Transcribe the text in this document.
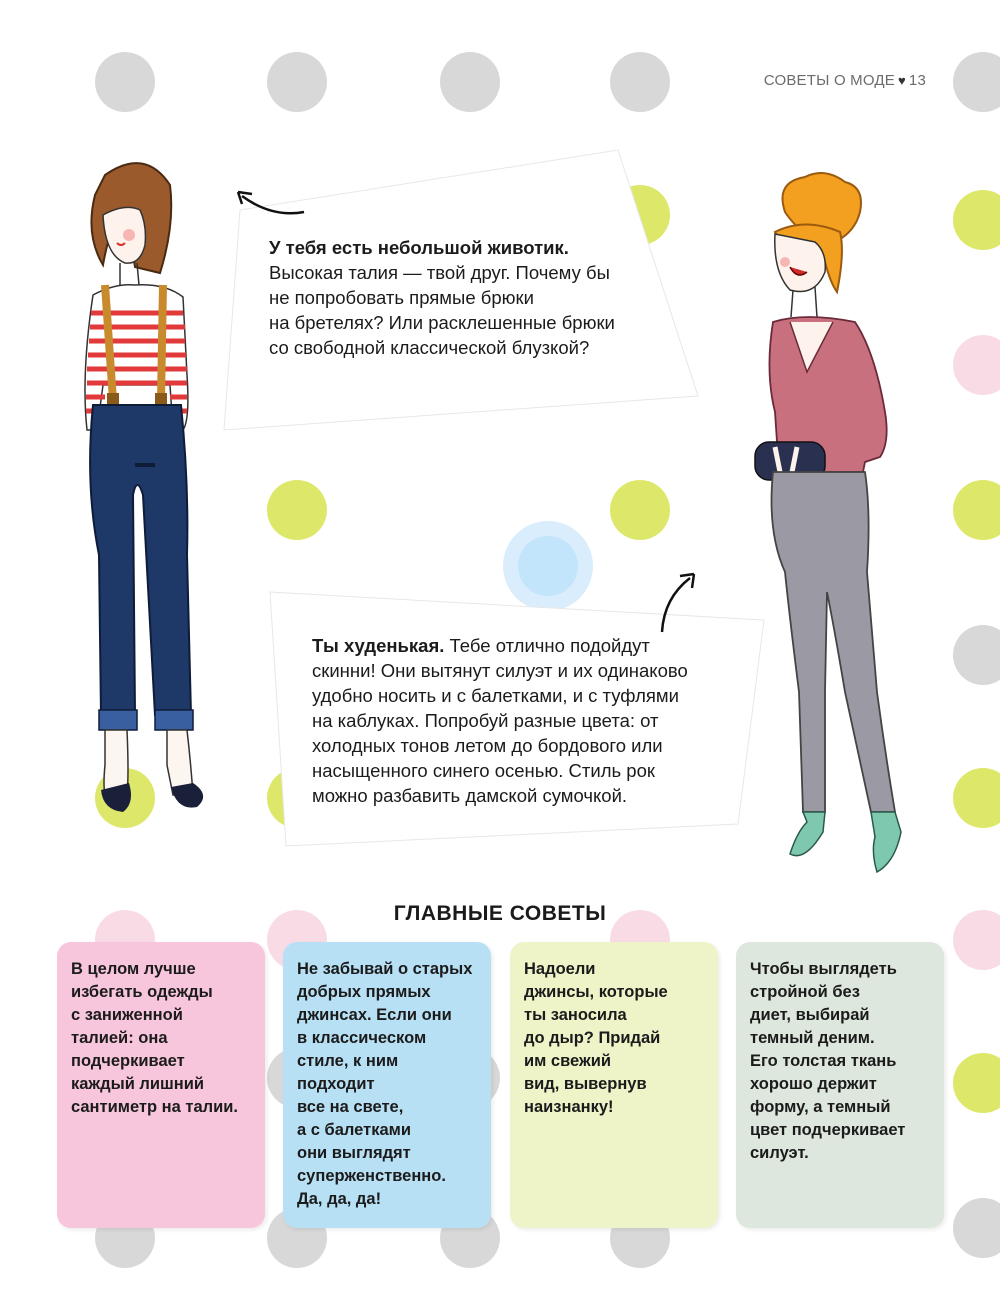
СОВЕТЫ О МОДЕ ♥ 13
У тебя есть небольшой животик.
Высокая талия — твой друг. Почему бы
не попробовать прямые брюки
на бретелях? Или расклешенные брюки
со свободной классической блузкой?
Ты худенькая. Тебе отлично подойдут
скинни! Они вытянут силуэт и их одинаково
удобно носить и с балетками, и с туфлями
на каблуках. Попробуй разные цвета: от
холодных тонов летом до бордового или
насыщенного синего осенью. Стиль рок
можно разбавить дамской сумочкой.
ГЛАВНЫЕ СОВЕТЫ
В целом лучше
избегать одежды
с заниженной
талией: она
подчеркивает
каждый лишний
сантиметр на талии.
Не забывай о старых
добрых прямых
джинсах. Если они
в классическом
стиле, к ним
подходит
все на свете,
а с балетками
они выглядят
суперженственно.
Да, да, да!
Надоели
джинсы, которые
ты заносила
до дыр? Придай
им свежий
вид, вывернув
наизнанку!
Чтобы выглядеть
стройной без
диет, выбирай
темный деним.
Его толстая ткань
хорошо держит
форму, а темный
цвет подчеркивает
силуэт.
